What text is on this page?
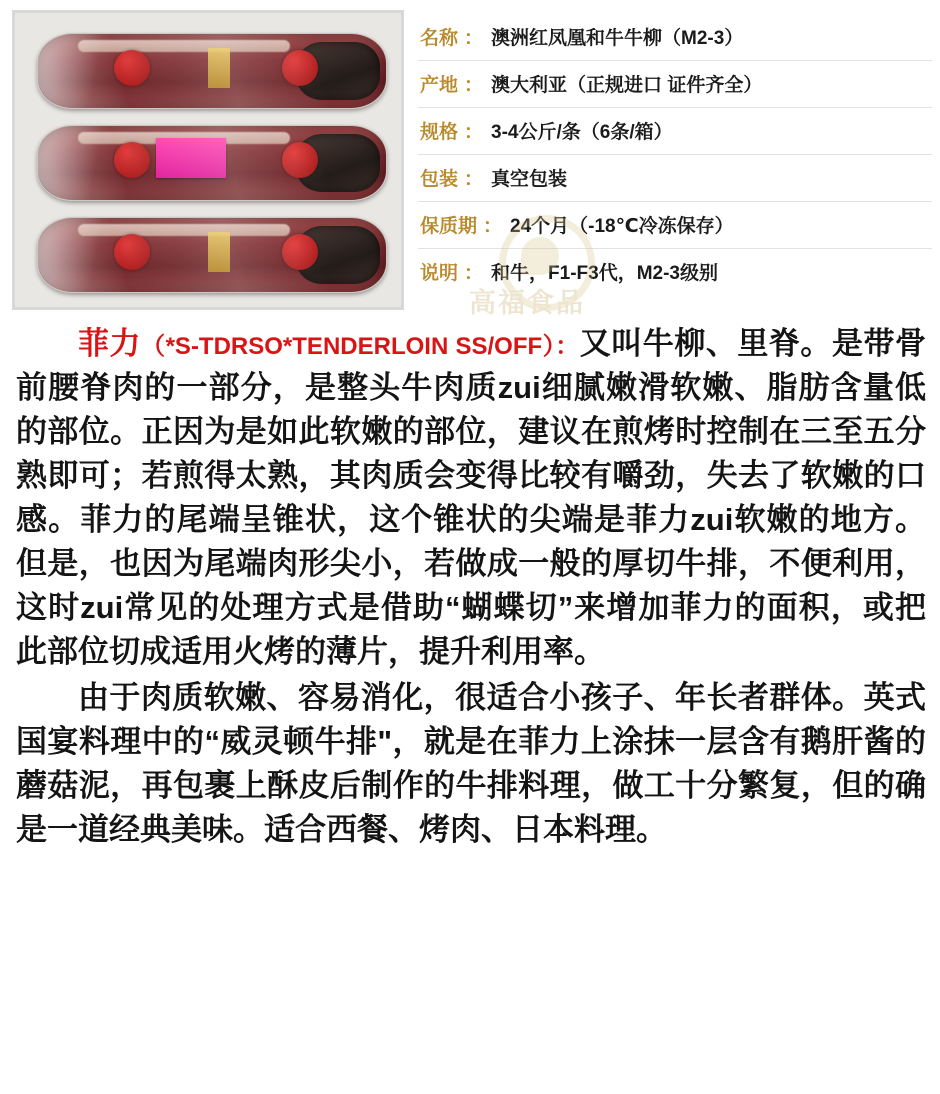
名称 ： 澳洲红凤凰和牛牛柳（M2-3）
产地 ： 澳大利亚 （正规进口 证件齐全）
规格 ： 3-4公斤/条（6条/箱）
包装 ： 真空包装
保质期 ： 24个月（-18℃冷冻保存）
说明 ： 和牛，F1-F3代，M2-3级别
高福食品

菲力（*S-TDRSO*TENDERLOIN SS/OFF）：又叫牛柳、里脊。是带骨前腰脊肉的一部分，是整头牛肉质zui细腻嫩滑软嫩、脂肪含量低的部位。正因为是如此软嫩的部位，建议在煎烤时控制在三至五分熟即可；若煎得太熟，其肉质会变得比较有嚼劲，失去了软嫩的口感。菲力的尾端呈锥状，这个锥状的尖端是菲力zui软嫩的地方。但是，也因为尾端肉形尖小，若做成一般的厚切牛排，不便利用，这时zui常见的处理方式是借助“蝴蝶切”来增加菲力的面积，或把此部位切成适用火烤的薄片，提升利用率。

由于肉质软嫩、容易消化，很适合小孩子、年长者群体。英式国宴料理中的“威灵顿牛排"，就是在菲力上涂抹一层含有鹅肝酱的蘑菇泥，再包裹上酥皮后制作的牛排料理，做工十分繁复，但的确是一道经典美味。适合西餐、烤肉、日本料理。
